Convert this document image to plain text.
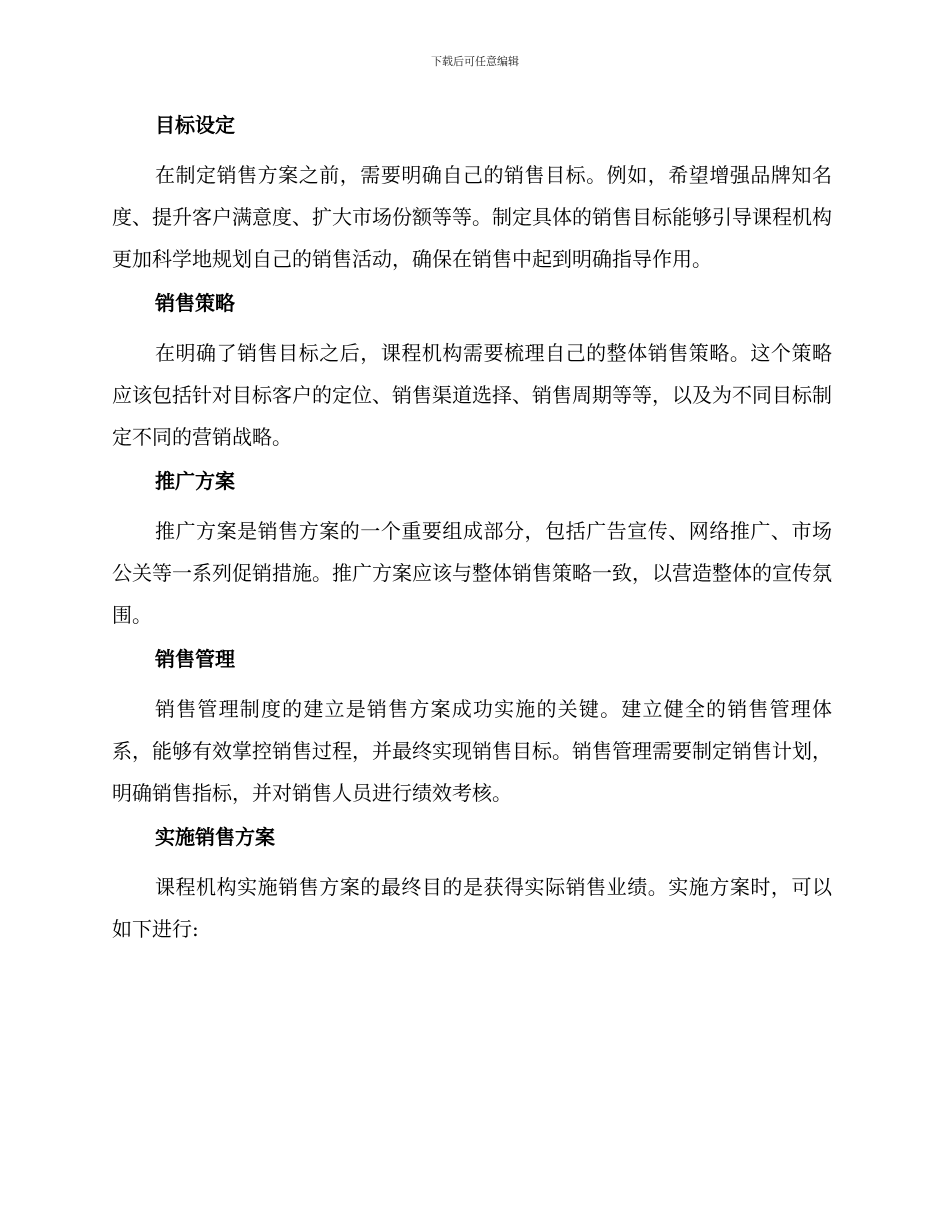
下载后可任意编辑
目标设定

在制定销售方案之前，需要明确自己的销售目标。例如，希望增强品牌知名度、提升客户满意度、扩大市场份额等等。制定具体的销售目标能够引导课程机构更加科学地规划自己的销售活动，确保在销售中起到明确指导作用。

销售策略

在明确了销售目标之后，课程机构需要梳理自己的整体销售策略。这个策略应该包括针对目标客户的定位、销售渠道选择、销售周期等等，以及为不同目标制定不同的营销战略。

推广方案

推广方案是销售方案的一个重要组成部分，包括广告宣传、网络推广、市场公关等一系列促销措施。推广方案应该与整体销售策略一致，以营造整体的宣传氛围。

销售管理

销售管理制度的建立是销售方案成功实施的关键。建立健全的销售管理体系，能够有效掌控销售过程，并最终实现销售目标。销售管理需要制定销售计划，明确销售指标，并对销售人员进行绩效考核。

实施销售方案

课程机构实施销售方案的最终目的是获得实际销售业绩。实施方案时，可以如下进行:
